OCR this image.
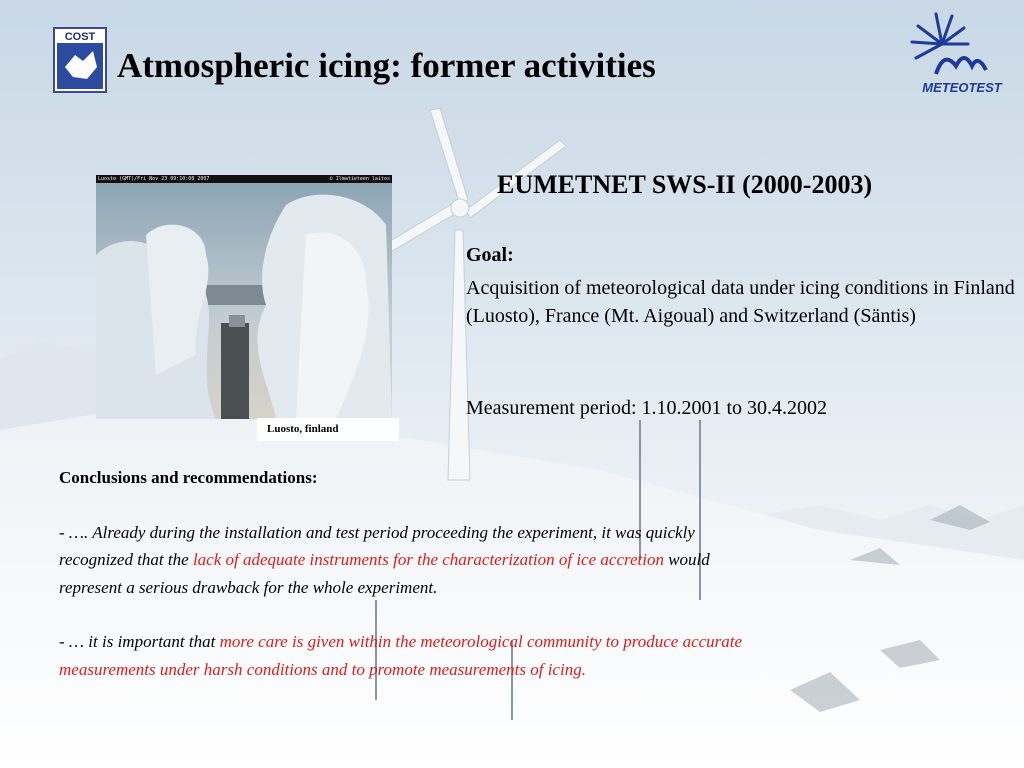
COST
Atmospheric icing: former activities
METEOTEST
Luosto (GMT)/Fri Nov 23 09:10:00 2007	© Ilmatieteen laitos
Luosto, finland
EUMETNET SWS-II (2000-2003)
Goal:
Acquisition of meteorological data under icing conditions in Finland (Luosto), France (Mt. Aigoual) and Switzerland (Säntis)
Measurement period: 1.10.2001 to 30.4.2002
Conclusions and recommendations:
- …. Already during the installation and test period proceeding the experiment, it was quickly recognized that the lack of adequate instruments for the characterization of ice accretion would represent a serious drawback for the whole experiment.
- … it is important that more care is given within the meteorological community to produce accurate measurements under harsh conditions and to promote measurements of icing.
